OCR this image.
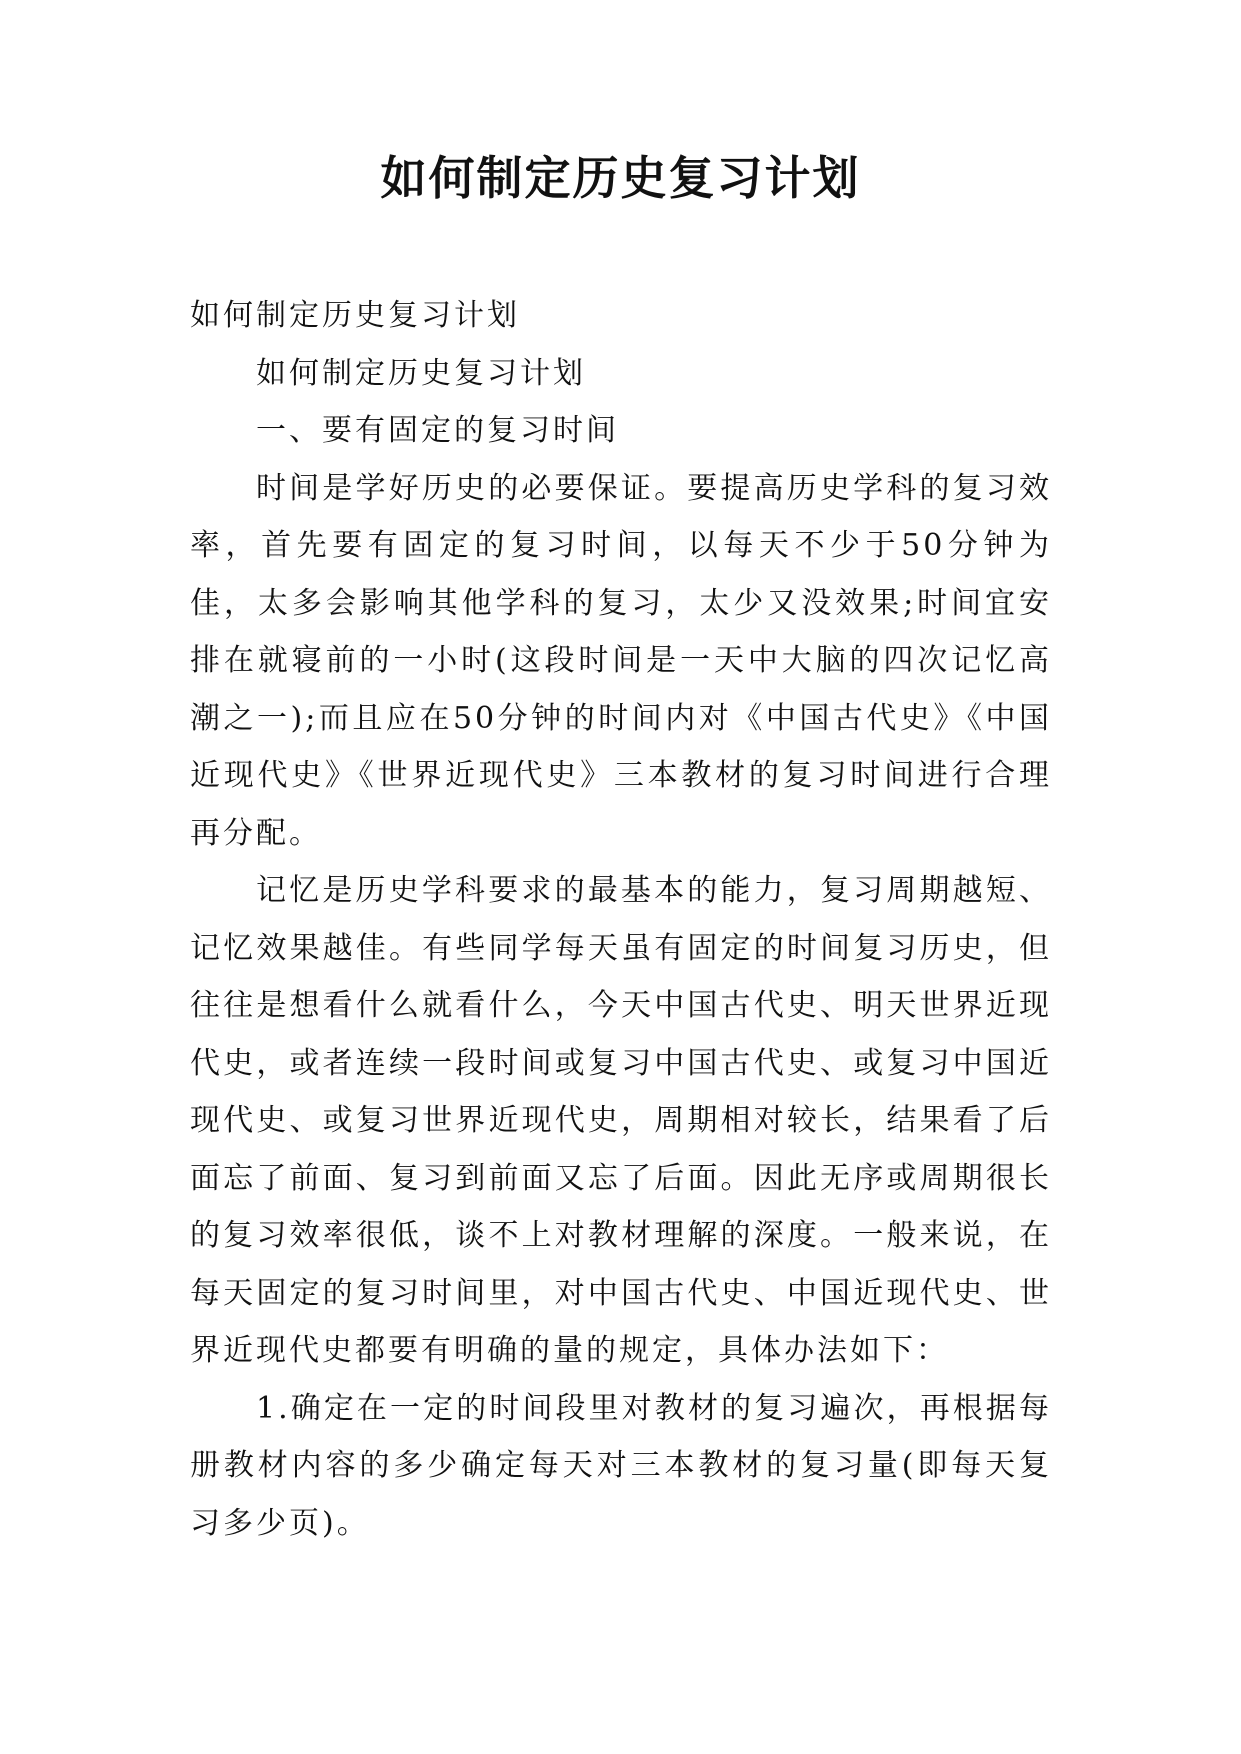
如何制定历史复习计划

如何制定历史复习计划

如何制定历史复习计划

一、要有固定的复习时间

时间是学好历史的必要保证。要提高历史学科的复习效率，首先要有固定的复习时间，以每天不少于50分钟为佳，太多会影响其他学科的复习，太少又没效果;时间宜安排在就寝前的一小时(这段时间是一天中大脑的四次记忆高潮之一);而且应在50分钟的时间内对《中国古代史》《中国近现代史》《世界近现代史》三本教材的复习时间进行合理再分配。

记忆是历史学科要求的最基本的能力，复习周期越短、记忆效果越佳。有些同学每天虽有固定的时间复习历史，但往往是想看什么就看什么，今天中国古代史、明天世界近现代史，或者连续一段时间或复习中国古代史、或复习中国近现代史、或复习世界近现代史，周期相对较长，结果看了后面忘了前面、复习到前面又忘了后面。因此无序或周期很长的复习效率很低，谈不上对教材理解的深度。一般来说，在每天固定的复习时间里，对中国古代史、中国近现代史、世界近现代史都要有明确的量的规定，具体办法如下：

1.确定在一定的时间段里对教材的复习遍次，再根据每册教材内容的多少确定每天对三本教材的复习量(即每天复习多少页)。
